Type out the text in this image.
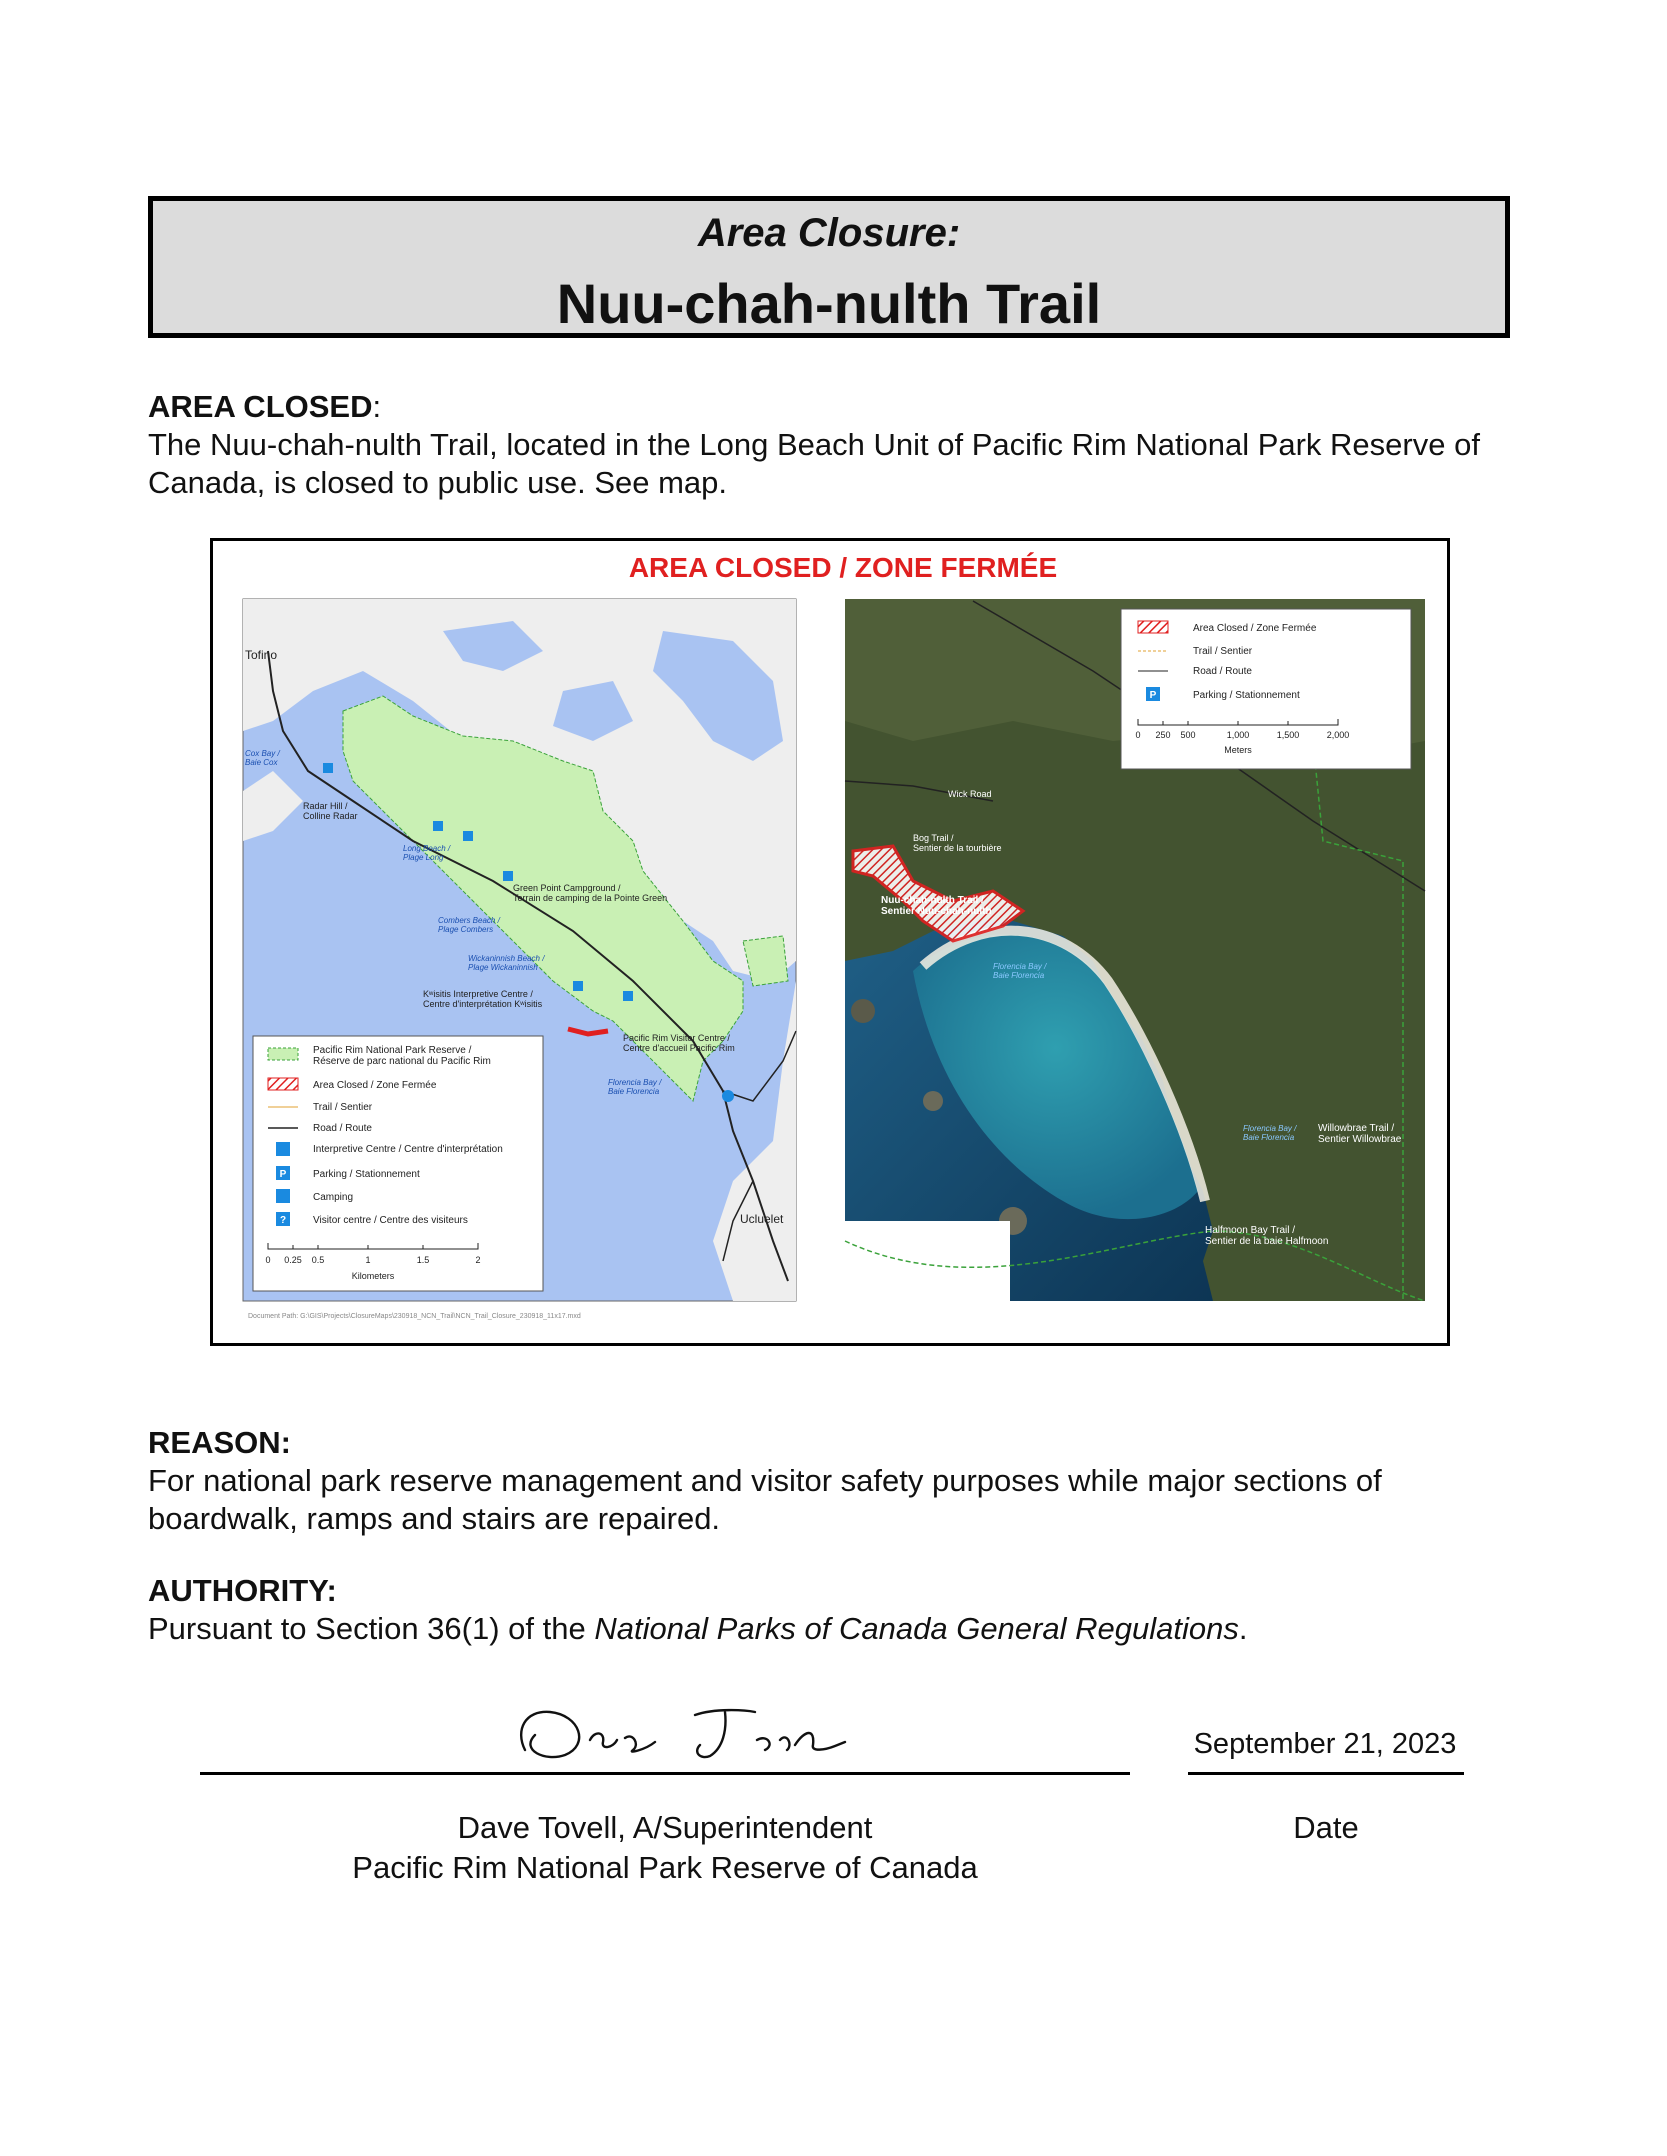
Area Closure:
Nuu-chah-nulth Trail
AREA CLOSED:
The Nuu-chah-nulth Trail, located in the Long Beach Unit of Pacific Rim National Park Reserve of Canada, is closed to public use. See map.
AREA CLOSED / ZONE FERMÉE
Tofino
Ucluelet
Radar Hill / Colline Radar
Green Point Campground / Terrain de camping de la Pointe Green
Kʷisitis Interpretive Centre / Centre d'interprétation Kʷisitis
Pacific Rim Visitor Centre / Centre d'accueil Pacific Rim
Cox Bay / Baie Cox
Long Beach / Plage Long
Combers Beach / Plage Combers
Wickaninnish Beach / Plage Wickaninnish
Florencia Bay / Baie Florencia
Pacific Rim National Park Reserve / Réserve de parc national du Pacific Rim
Area Closed / Zone Fermée
Trail / Sentier
Road / Route
Interpretive Centre / Centre d'interprétation
P	Parking / Stationnement
Camping
?	Visitor centre / Centre des visiteurs
0 0.25 0.5	1	1.5	2
Kilometers
Wick Road
Bog Trail / Sentier de la tourbière
Nuu-chah-nulth Trail / Sentier Nuu-chah-nulth
Willowbrae Trail / Sentier Willowbrae
Halfmoon Bay Trail / Sentier de la baie Halfmoon
Florencia Bay / Baie Florencia
Florencia Bay / Baie Florencia
Area Closed / Zone Fermée
Trail / Sentier
Road / Route
P	Parking / Stationnement
0 250 500	1,000	1,500	2,000
Meters
Document Path: G:\GIS\Projects\ClosureMaps\230918_NCN_Trail\NCN_Trail_Closure_230918_11x17.mxd
REASON:
For national park reserve management and visitor safety purposes while major sections of boardwalk, ramps and stairs are repaired.
AUTHORITY:
Pursuant to Section 36(1) of the National Parks of Canada General Regulations.
September 21, 2023
Dave Tovell, A/Superintendent
Pacific Rim National Park Reserve of Canada
Date
